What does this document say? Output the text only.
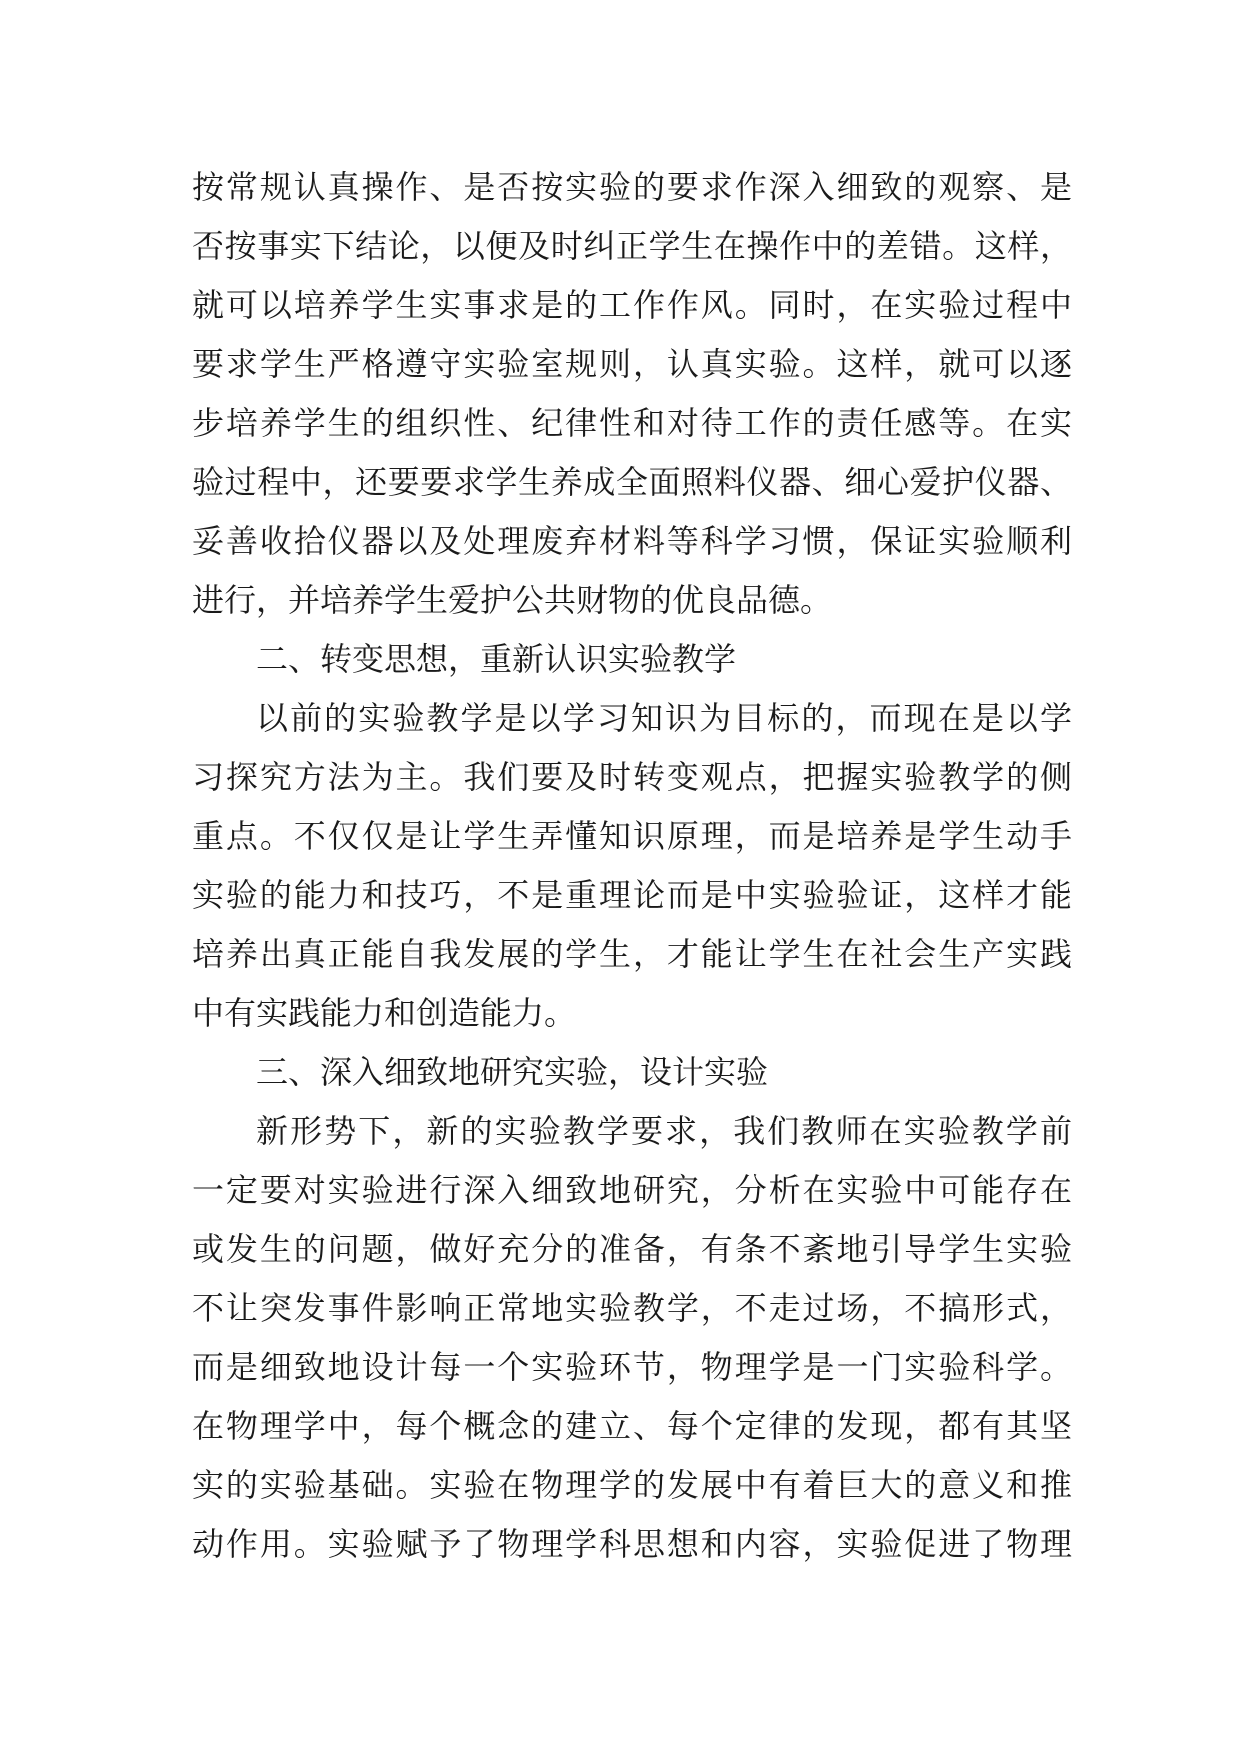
按常规认真操作、是否按实验的要求作深入细致的观察、是
否按事实下结论，以便及时纠正学生在操作中的差错。这样，
就可以培养学生实事求是的工作作风。同时，在实验过程中
要求学生严格遵守实验室规则，认真实验。这样，就可以逐
步培养学生的组织性、纪律性和对待工作的责任感等。在实
验过程中，还要要求学生养成全面照料仪器、细心爱护仪器、
妥善收拾仪器以及处理废弃材料等科学习惯，保证实验顺利
进行，并培养学生爱护公共财物的优良品德。
二、转变思想，重新认识实验教学
以前的实验教学是以学习知识为目标的，而现在是以学
习探究方法为主。我们要及时转变观点，把握实验教学的侧
重点。不仅仅是让学生弄懂知识原理，而是培养是学生动手
实验的能力和技巧，不是重理论而是中实验验证，这样才能
培养出真正能自我发展的学生，才能让学生在社会生产实践
中有实践能力和创造能力。
三、深入细致地研究实验，设计实验
新形势下，新的实验教学要求，我们教师在实验教学前
一定要对实验进行深入细致地研究，分析在实验中可能存在
或发生的问题，做好充分的准备，有条不紊地引导学生实验
不让突发事件影响正常地实验教学，不走过场，不搞形式，
而是细致地设计每一个实验环节，物理学是一门实验科学。
在物理学中，每个概念的建立、每个定律的发现，都有其坚
实的实验基础。实验在物理学的发展中有着巨大的意义和推
动作用。实验赋予了物理学科思想和内容，实验促进了物理
